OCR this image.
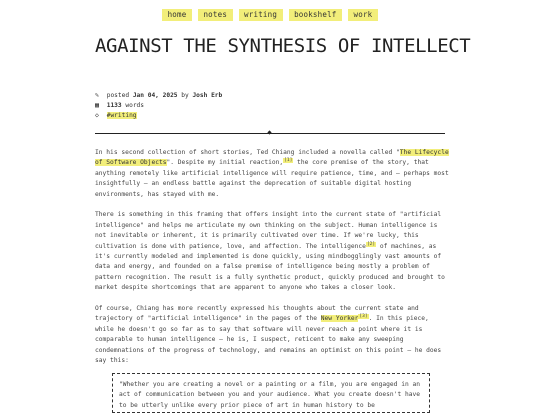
home notes writing bookshelf work
AGAINST THE SYNTHESIS OF INTELLECT
✎ posted Jan 04, 2025 by Josh Erb
▦ 1133 words
◇ #writing

In his second collection of short stories, Ted Chiang included a novella called "The Lifecycle of Software Objects". Despite my initial reaction,[1] the core premise of the story, that anything remotely like artificial intelligence will require patience, time, and — perhaps most insightfully — an endless battle against the deprecation of suitable digital hosting environments, has stayed with me.

There is something in this framing that offers insight into the current state of "artificial intelligence" and helps me articulate my own thinking on the subject. Human intelligence is not inevitable or inherent, it is primarily cultivated over time. If we're lucky, this cultivation is done with patience, love, and affection. The intelligence[2] of machines, as it's currently modeled and implemented is done quickly, using mindbogglingly vast amounts of data and energy, and founded on a false premise of intelligence being mostly a problem of pattern recognition. The result is a fully synthetic product, quickly produced and brought to market despite shortcomings that are apparent to anyone who takes a closer look.

Of course, Chiang has more recently expressed his thoughts about the current state and trajectory of "artificial intelligence" in the pages of the New Yorker[3]. In this piece, while he doesn't go so far as to say that software will never reach a point where it is comparable to human intelligence — he is, I suspect, reticent to make any sweeping condemnations of the progress of technology, and remains an optimist on this point — he does say this:

"Whether you are creating a novel or a painting or a film, you are engaged in an act of communication between you and your audience. What you create doesn't have to be utterly unlike every prior piece of art in human history to be
